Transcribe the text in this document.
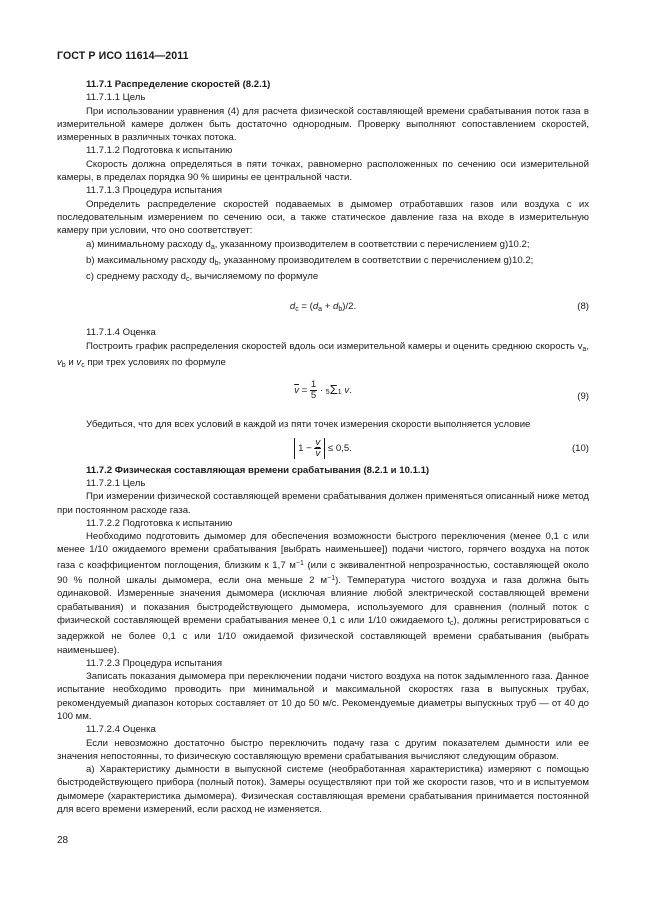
ГОСТ Р ИСО 11614—2011

11.7.1 Распределение скоростей (8.2.1)

11.7.1.1 Цель

При использовании уравнения (4) для расчета физической составляющей времени срабатывания поток газа в измерительной камере должен быть достаточно однородным. Проверку выполняют сопоставлением скоростей, измеренных в различных точках потока.

11.7.1.2 Подготовка к испытанию

Скорость должна определяться в пяти точках, равномерно расположенных по сечению оси измерительной камеры, в пределах порядка 90 % ширины ее центральной части.

11.7.1.3 Процедура испытания

Определить распределение скоростей подаваемых в дымомер отработавших газов или воздуха с их последовательным измерением по сечению оси, а также статическое давление газа на входе в измерительную камеру при условии, что оно соответствует:

а) минимальному расходу $d_a$, указанному производителем в соответствии с перечислением g)10.2;

b) максимальному расходу $d_b$, указанному производителем в соответствии с перечислением g)10.2;

c) среднему расходу $d_c$, вычисляемому по формуле

$d_c = (d_a + d_b)/2$.	(8)

11.7.1.4 Оценка

Построить график распределения скоростей вдоль оси измерительной камеры и оценить среднюю скорость $v_a$, $v_b$ и $v_c$ при трех условиях по формуле

$\overline{v} = \frac{1}{5} \cdot 5\Sigma 1$ v.
(9)

Убедиться, что для всех условий в каждой из пяти точек измерения скорости выполняется условие

$1 - \frac{v}{v} \le 0,5$.	(10)

11.7.2 Физическая составляющая времени срабатывания (8.2.1 и 10.1.1)

11.7.2.1 Цель

При измерении физической составляющей времени срабатывания должен применяться описанный ниже метод при постоянном расходе газа.

11.7.2.2 Подготовка к испытанию

Необходимо подготовить дымомер для обеспечения возможности быстрого переключения (менее 0,1 с или менее 1/10 ожидаемого времени срабатывания [выбрать наименьшее]) подачи чистого, горячего воздуха на поток газа с коэффициентом поглощения, близким к 1,7 $м^{-1}$ (или с эквивалентной непрозрачностью, составляющей около 90 % полной шкалы дымомера, если она меньше 2 $м^{-1}$). Температура чистого воздуха и газа должна быть одинаковой. Измеренные значения дымомера (исключая влияние любой электрической составляющей времени срабатывания) и показания быстродействующего дымомера, используемого для сравнения (полный поток с физической составляющей времени срабатывания менее 0,1 с или 1/10 ожидаемого $t_c$), должны регистрироваться с задержкой не более 0,1 с или 1/10 ожидаемой физической составляющей времени срабатывания (выбрать наименьшее).

11.7.2.3 Процедура испытания

Записать показания дымомера при переключении подачи чистого воздуха на поток задымленного газа. Данное испытание необходимо проводить при минимальной и максимальной скоростях газа в выпускных трубах, рекомендуемый диапазон которых составляет от 10 до 50 м/с. Рекомендуемые диаметры выпускных труб — от 40 до 100 мм.

11.7.2.4 Оценка

Если невозможно достаточно быстро переключить подачу газа с другим показателем дымности или ее значения непостоянны, то физическую составляющую времени срабатывания вычисляют следующим образом.

а) Характеристику дымности в выпускной системе (необработанная характеристика) измеряют с помощью быстродействующего прибора (полный поток). Замеры осуществляют при той же скорости газов, что и в испытуемом дымомере (характеристика дымомера). Физическая составляющая времени срабатывания принимается постоянной для всего времени измерений, если расход не изменяется.

28
